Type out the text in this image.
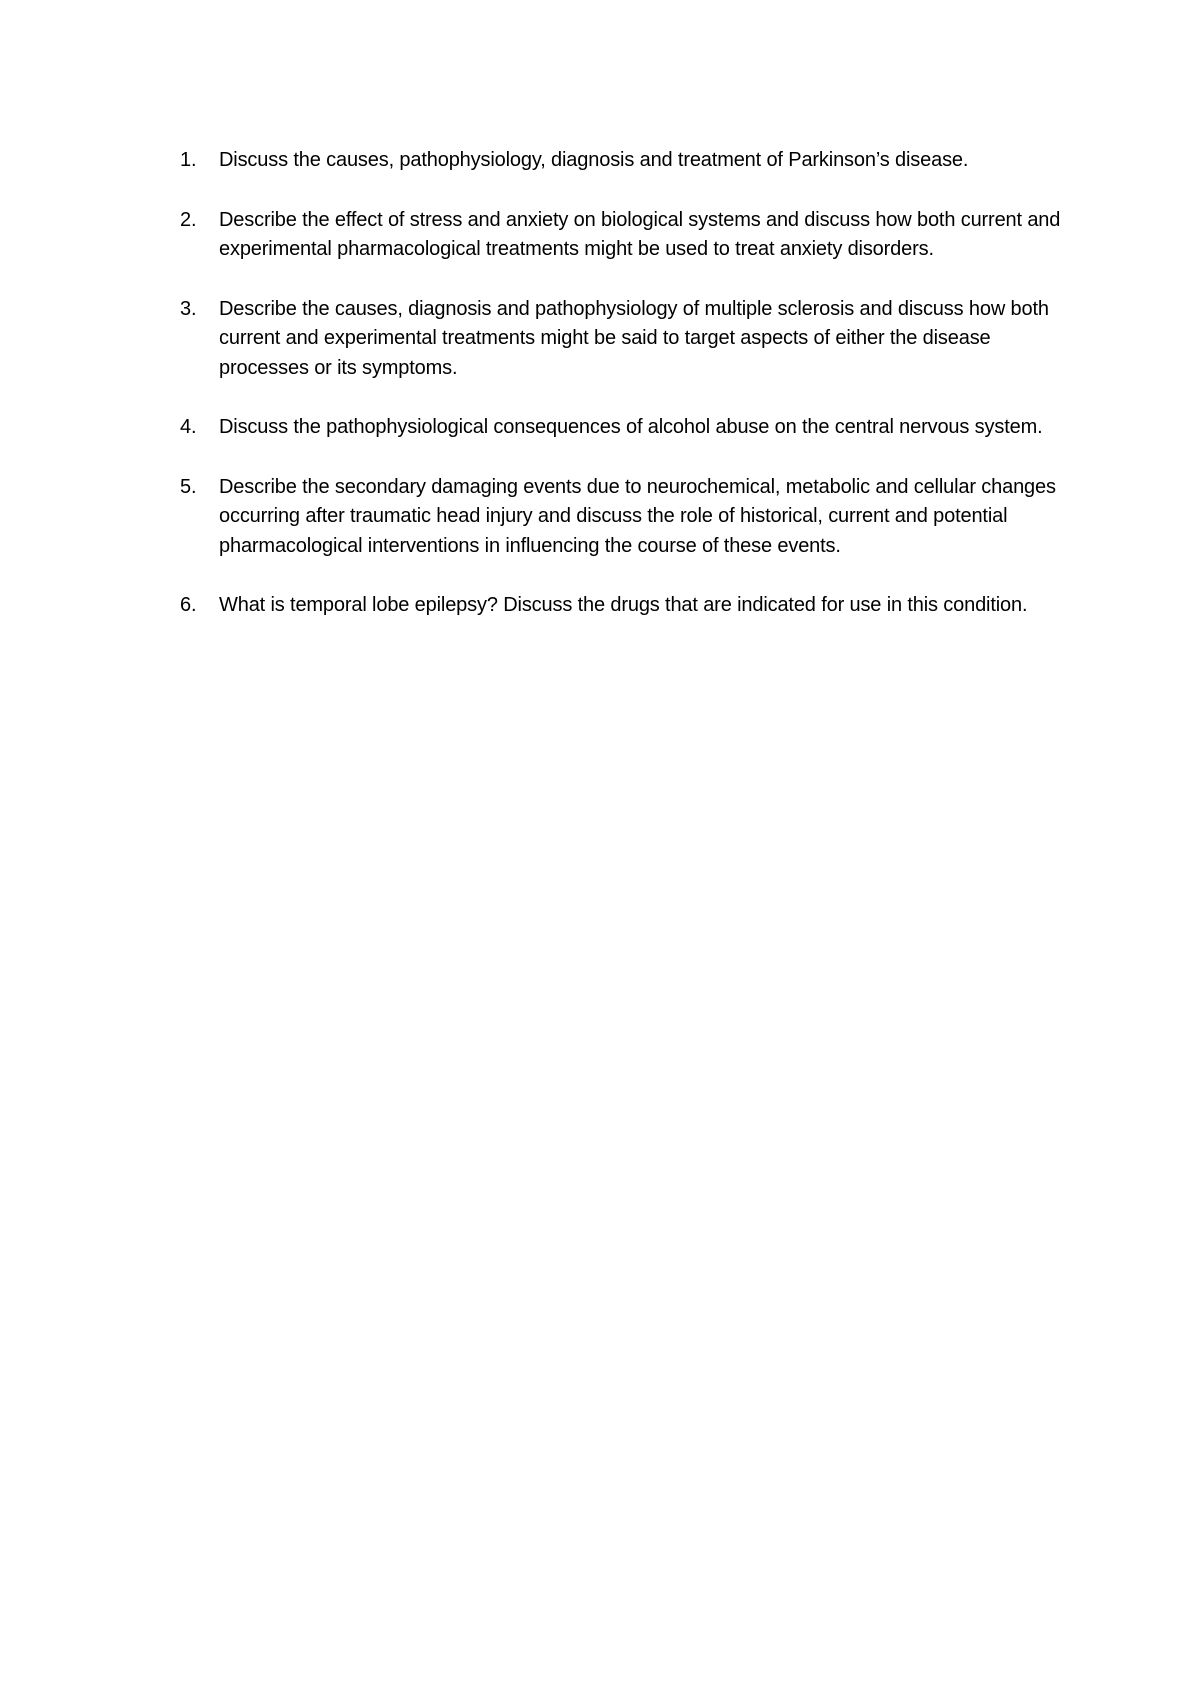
1.	Discuss the causes, pathophysiology, diagnosis and treatment of Parkinson’s disease.
2.	Describe the effect of stress and anxiety on biological systems and discuss how both current and experimental pharmacological treatments might be used to treat anxiety disorders.
3.	Describe the causes, diagnosis and pathophysiology of multiple sclerosis and discuss how both current and experimental treatments might be said to target aspects of either the disease processes or its symptoms.
4.	Discuss the pathophysiological consequences of alcohol abuse on the central nervous system.
5.	Describe the secondary damaging events due to neurochemical, metabolic and cellular changes occurring after traumatic head injury and discuss the role of historical, current and potential pharmacological interventions in influencing the course of these events.
6.	What is temporal lobe epilepsy? Discuss the drugs that are indicated for use in this condition.
